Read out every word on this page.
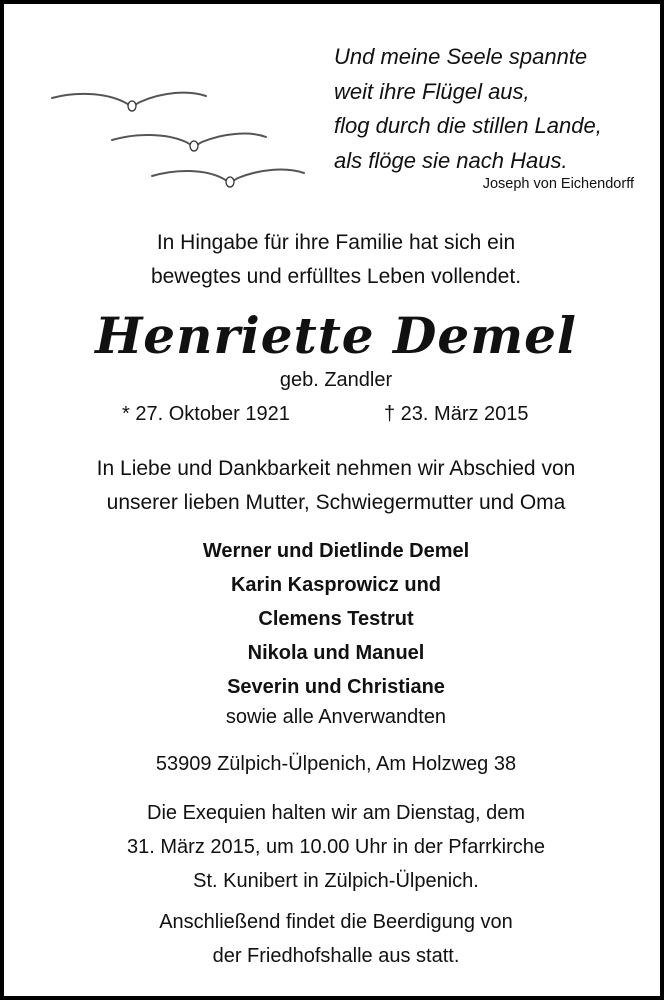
Und meine Seele spannte
weit ihre Flügel aus,
flog durch die stillen Lande,
als flöge sie nach Haus.
Joseph von Eichendorff
In Hingabe für ihre Familie hat sich ein
bewegtes und erfülltes Leben vollendet.
Henriette Demel
geb. Zandler
* 27. Oktober 1921	† 23. März 2015
In Liebe und Dankbarkeit nehmen wir Abschied von
unserer lieben Mutter, Schwiegermutter und Oma
Werner und Dietlinde Demel
Karin Kasprowicz und
Clemens Testrut
Nikola und Manuel
Severin und Christiane
sowie alle Anverwandten
53909 Zülpich-Ülpenich, Am Holzweg 38
Die Exequien halten wir am Dienstag, dem
31. März 2015, um 10.00 Uhr in der Pfarrkirche
St. Kunibert in Zülpich-Ülpenich.
Anschließend findet die Beerdigung von
der Friedhofshalle aus statt.
